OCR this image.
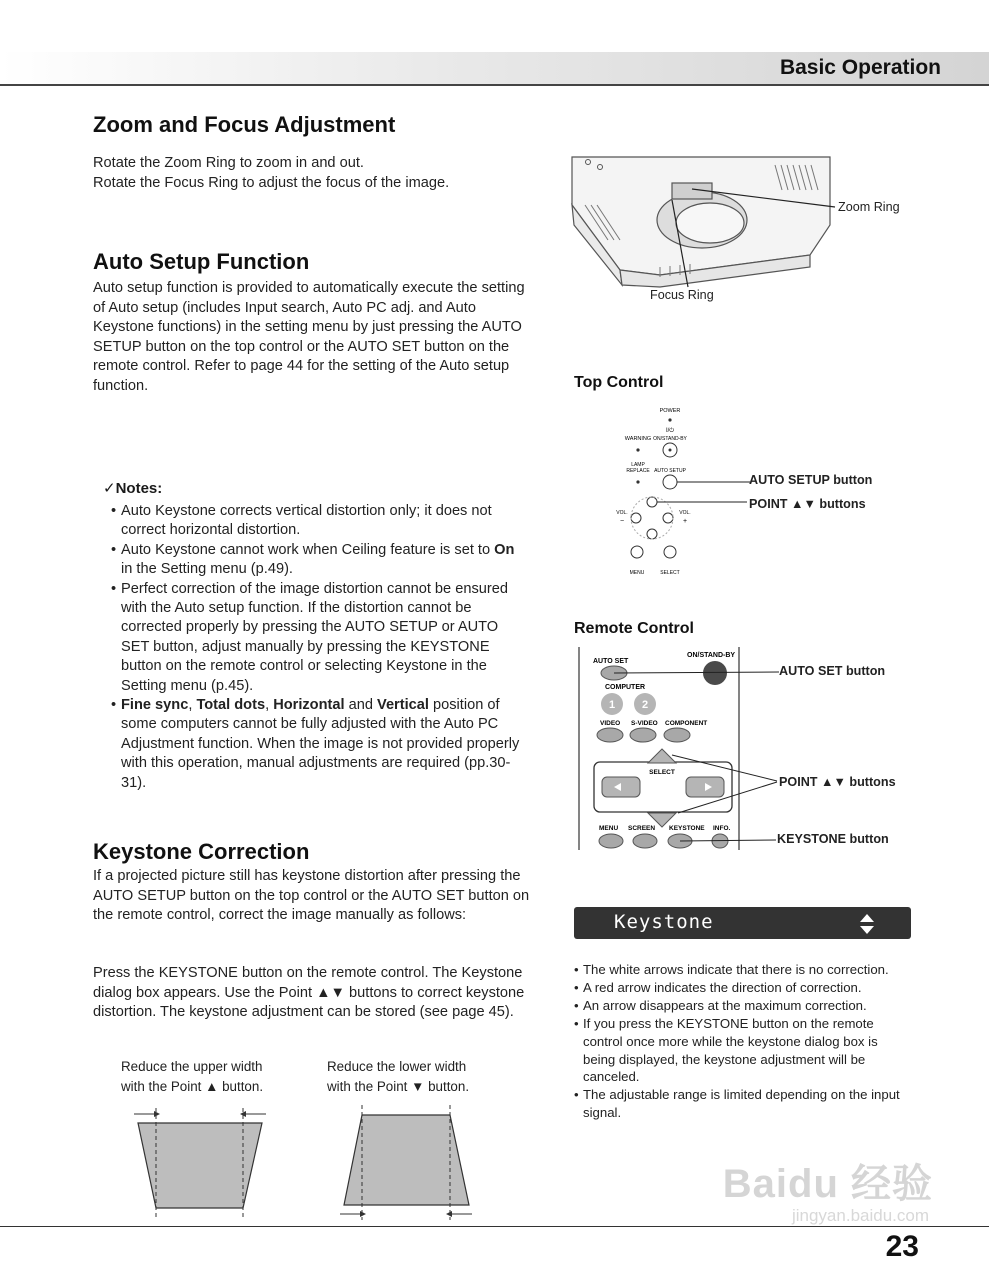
Basic Operation
Zoom and Focus Adjustment

Rotate the Zoom Ring to zoom in and out.

Rotate the Focus Ring to adjust the focus of the image.

Zoom Ring
Focus Ring
Auto Setup Function
Auto setup function is provided to automatically execute the setting of Auto setup (includes Input search, Auto PC adj. and Auto Keystone functions) in the setting menu by just pressing the AUTO SETUP button on the top control or the AUTO SET button on the remote control. Refer to page 44 for the setting of the Auto setup function.
✓Notes:
• Auto Keystone corrects vertical distortion only; it does not correct horizontal distortion.
• Auto Keystone cannot work when Ceiling feature is set to On in the Setting menu (p.49).
• Perfect correction of the image distortion cannot be ensured with the Auto setup function. If the distortion cannot be corrected properly by pressing the AUTO SETUP or AUTO SET button, adjust manually by pressing the KEYSTONE button on the remote control or selecting Keystone in the Setting menu (p.45).
• Fine sync, Total dots, Horizontal and Vertical position of some computers cannot be fully adjusted with the Auto PC Adjustment function. When the image is not provided properly with this operation, manual adjustments are required (pp.30-31).
Keystone Correction
If a projected picture still has keystone distortion after pressing the AUTO SETUP button on the top control or the AUTO SET button on the remote control, correct the image manually as follows:
Press the KEYSTONE button on the remote control. The Keystone dialog box appears. Use the Point ▲▼ buttons to correct keystone distortion. The keystone adjustment can be stored (see page 45).
Reduce the upper width
with the Point ▲ button.
Reduce the lower width
with the Point ▼ button.
Top Control
POWER
I/⏻
ON/STAND-BY
WARNING
LAMP
REPLACE AUTO SETUP
VOL.
−
VOL.
+
MENU	SELECT
AUTO SETUP button
POINT ▲▼ buttons
Remote Control
AUTO SET
ON/STAND-BY
COMPUTER
1 2
VIDEO S-VIDEO COMPONENT
SELECT
MENU SCREEN KEYSTONE INFO.
AUTO SET button
POINT ▲▼ buttons
KEYSTONE button
Keystone
• The white arrows indicate that there is no correction.
• A red arrow indicates the direction of correction.
• An arrow disappears at the maximum correction.
• If you press the KEYSTONE button on the remote control once more while the keystone dialog box is being displayed, the keystone adjustment will be canceled.
• The adjustable range is limited depending on the input signal.
Baidu 经验
jingyan.baidu.com
23
